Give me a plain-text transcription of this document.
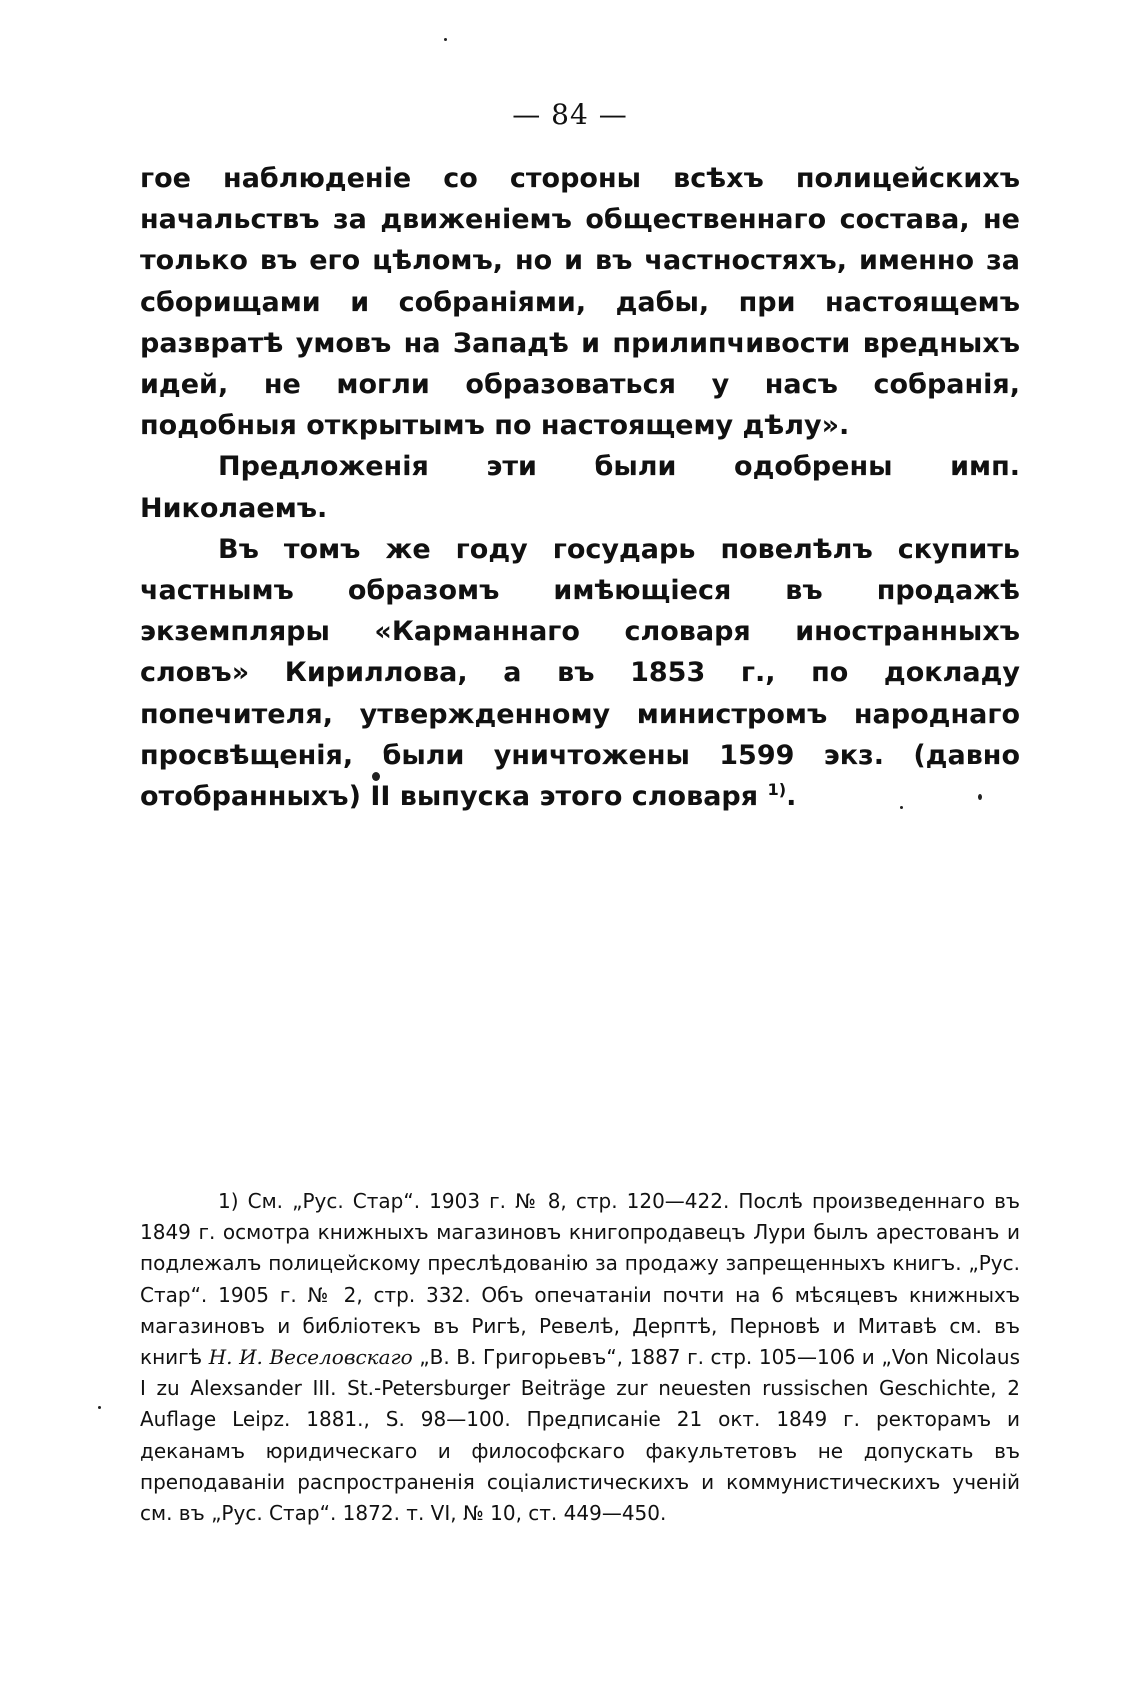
— 84 —

гое наблюденіе со стороны всѣхъ полицейскихъ начальствъ за движеніемъ общественнаго состава, не только въ его цѣломъ, но и въ частностяхъ, именно за сборищами и собраніями, дабы, при настоящемъ развратѣ умовъ на Западѣ и прилипчивости вредныхъ идей, не могли образоваться у насъ собранія, подобныя открытымъ по настоящему дѣлу».

Предложенія эти были одобрены имп. Николаемъ.

Въ томъ же году государь повелѣлъ скупить частнымъ образомъ имѣющіеся въ продажѣ экземпляры «Карманнаго словаря иностранныхъ словъ» Кириллова, а въ 1853 г., по докладу попечителя, утвержденному министромъ народнаго просвѣщенія, были уничтожены 1599 экз. (давно отобранныхъ) II выпуска этого словаря $^{1)}$.

1) См. „Рус. Стар“. 1903 г. № 8, стр. 120—422. Послѣ произведеннаго въ 1849 г. осмотра книжныхъ магазиновъ книгопродавецъ Лури былъ арестованъ и подлежалъ полицейскому преслѣдованію за продажу запрещенныхъ книгъ. „Рус. Стар“. 1905 г. № 2, стр. 332. Объ опечатаніи почти на 6 мѣсяцевъ книжныхъ магазиновъ и библіотекъ въ Ригѣ, Ревелѣ, Дерптѣ, Перновѣ и Митавѣ см. въ книгѣ Н. И. Веселовскаго „В. В. Григорьевъ“, 1887 г. стр. 105—106 и „Von Nicolaus I zu Alexsander III. St.-Petersburger Beiträge zur neuesten russischen Geschichte, 2 Auflage Leipz. 1881., S. 98—100. Предписаніе 21 окт. 1849 г. ректорамъ и деканамъ юридическаго и философскаго факультетовъ не допускать въ преподаваніи распространенія соціалистическихъ и коммунистическихъ ученій см. въ „Рус. Стар“. 1872. т. VI, № 10, ст. 449—450.
